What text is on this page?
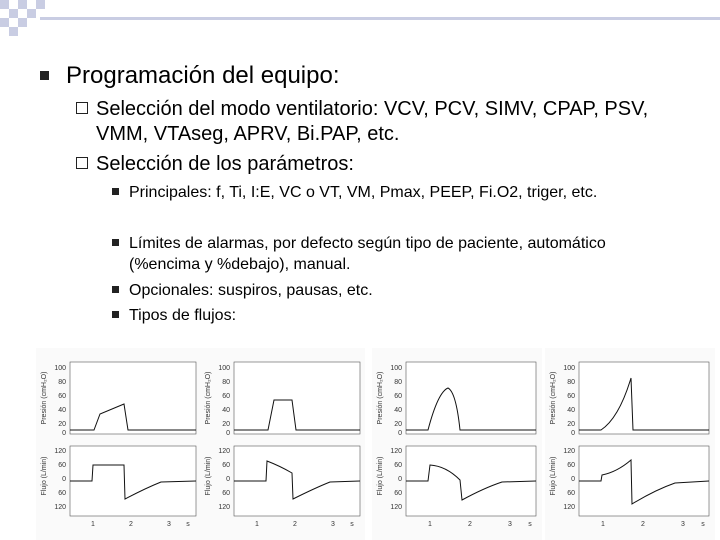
Programación del equipo:
Selección del modo ventilatorio: VCV, PCV, SIMV, CPAP, PSV, VMM, VTAseg, APRV, Bi.PAP, etc.
Selección de los parámetros:
Principales: f, Ti, I:E, VC o VT, VM, Pmax, PEEP, Fi.O2, triger, etc.
Límites de alarmas, por defecto según tipo de paciente, automático (%encima y %debajo), manual.
Opcionales: suspiros, pausas, etc.
Tipos de flujos:
Presión (cmH₂O)
Flujo (L/min)
100
80
60
40
20
0
120
60
0
60
120
1	2	3 s
Presión (cmH₂O)
Flujo (L/min)
100
80
60
40
20
0
120
60
0
60
120
1	2	3 s
Presión (cmH₂O)
Flujo (L/min)
100
80
60
40
20
0
120
60
0
60
120
1	2	3 s
Presión (cmH₂O)
Flujo (L/min)
100
80
60
40
20
0
120
60
0
60
120
1	2	3 s
